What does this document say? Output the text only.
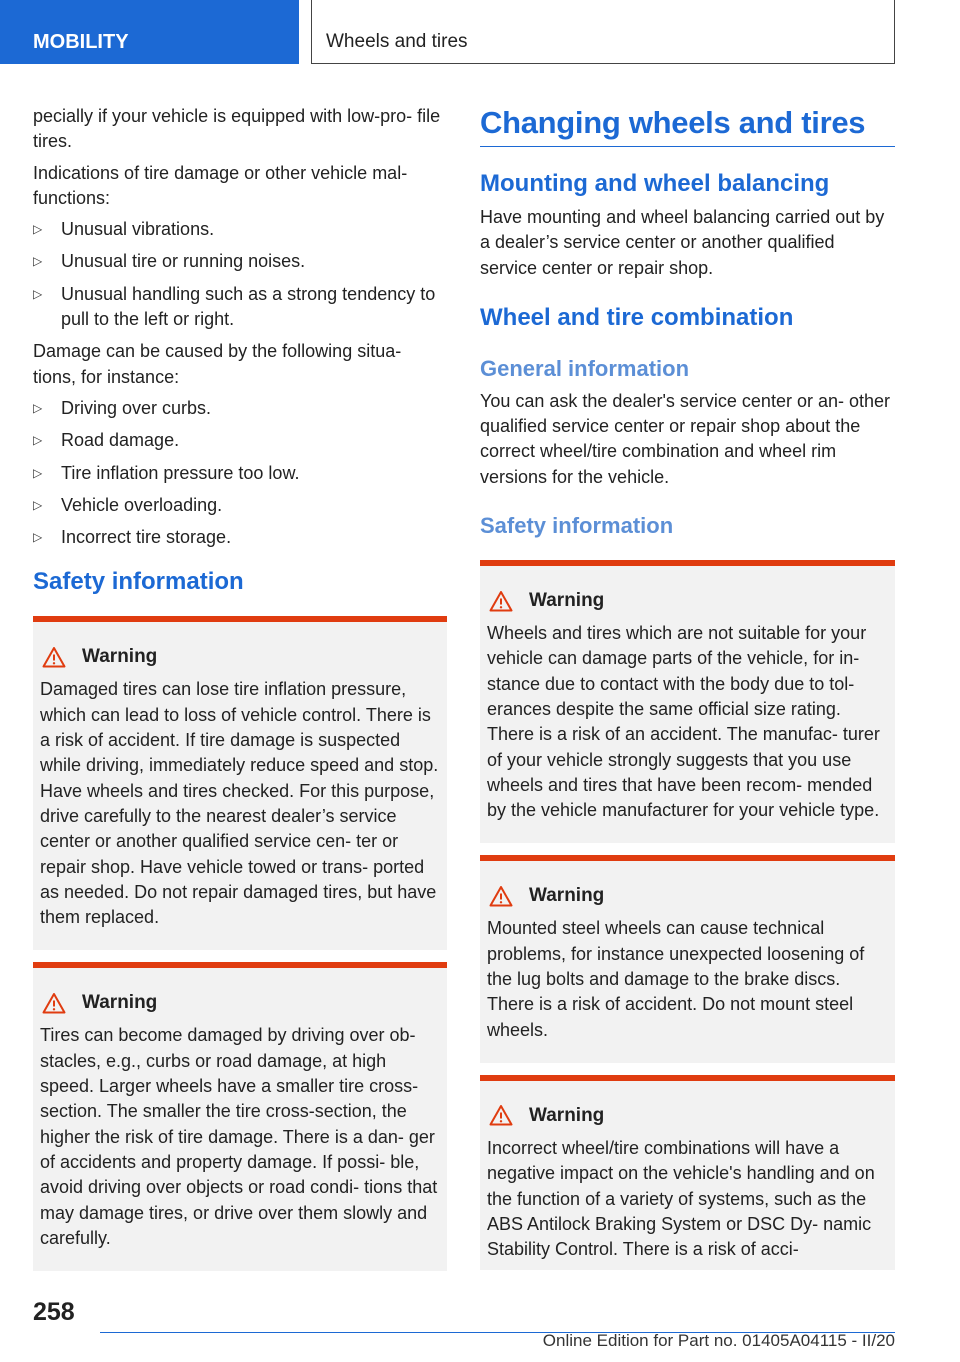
MOBILITY	Wheels and tires

pecially if your vehicle is equipped with low-pro‐ file tires.

Indications of tire damage or other vehicle mal‐ functions:

▷ Unusual vibrations.
▷ Unusual tire or running noises.
▷ Unusual handling such as a strong tendency to pull to the left or right.

Damage can be caused by the following situa‐ tions, for instance:

▷ Driving over curbs.
▷ Road damage.
▷ Tire inflation pressure too low.
▷ Vehicle overloading.
▷ Incorrect tire storage.
Safety information
Warning
Damaged tires can lose tire inflation pressure, which can lead to loss of vehicle control. There is a risk of accident. If tire damage is suspected while driving, immediately reduce speed and stop. Have wheels and tires checked. For this purpose, drive carefully to the nearest dealer’s service center or another qualified service cen‐ ter or repair shop. Have vehicle towed or trans‐ ported as needed. Do not repair damaged tires, but have them replaced.
Warning
Tires can become damaged by driving over ob‐ stacles, e.g., curbs or road damage, at high speed. Larger wheels have a smaller tire cross- section. The smaller the tire cross-section, the higher the risk of tire damage. There is a dan‐ ger of accidents and property damage. If possi‐ ble, avoid driving over objects or road condi‐ tions that may damage tires, or drive over them slowly and carefully.
Changing wheels and tires
Mounting and wheel balancing

Have mounting and wheel balancing carried out by a dealer’s service center or another qualified service center or repair shop.

Wheel and tire combination
General information

You can ask the dealer's service center or an‐ other qualified service center or repair shop about the correct wheel/tire combination and wheel rim versions for the vehicle.

Safety information
Warning
Wheels and tires which are not suitable for your vehicle can damage parts of the vehicle, for in‐ stance due to contact with the body due to tol‐ erances despite the same official size rating. There is a risk of an accident. The manufac‐ turer of your vehicle strongly suggests that you use wheels and tires that have been recom‐ mended by the vehicle manufacturer for your vehicle type.
Warning
Mounted steel wheels can cause technical problems, for instance unexpected loosening of the lug bolts and damage to the brake discs. There is a risk of accident. Do not mount steel wheels.
Warning
Incorrect wheel/tire combinations will have a negative impact on the vehicle's handling and on the function of a variety of systems, such as the ABS Antilock Braking System or DSC Dy‐ namic Stability Control. There is a risk of acci‐
258
Online Edition for Part no. 01405A04115 - II/20
